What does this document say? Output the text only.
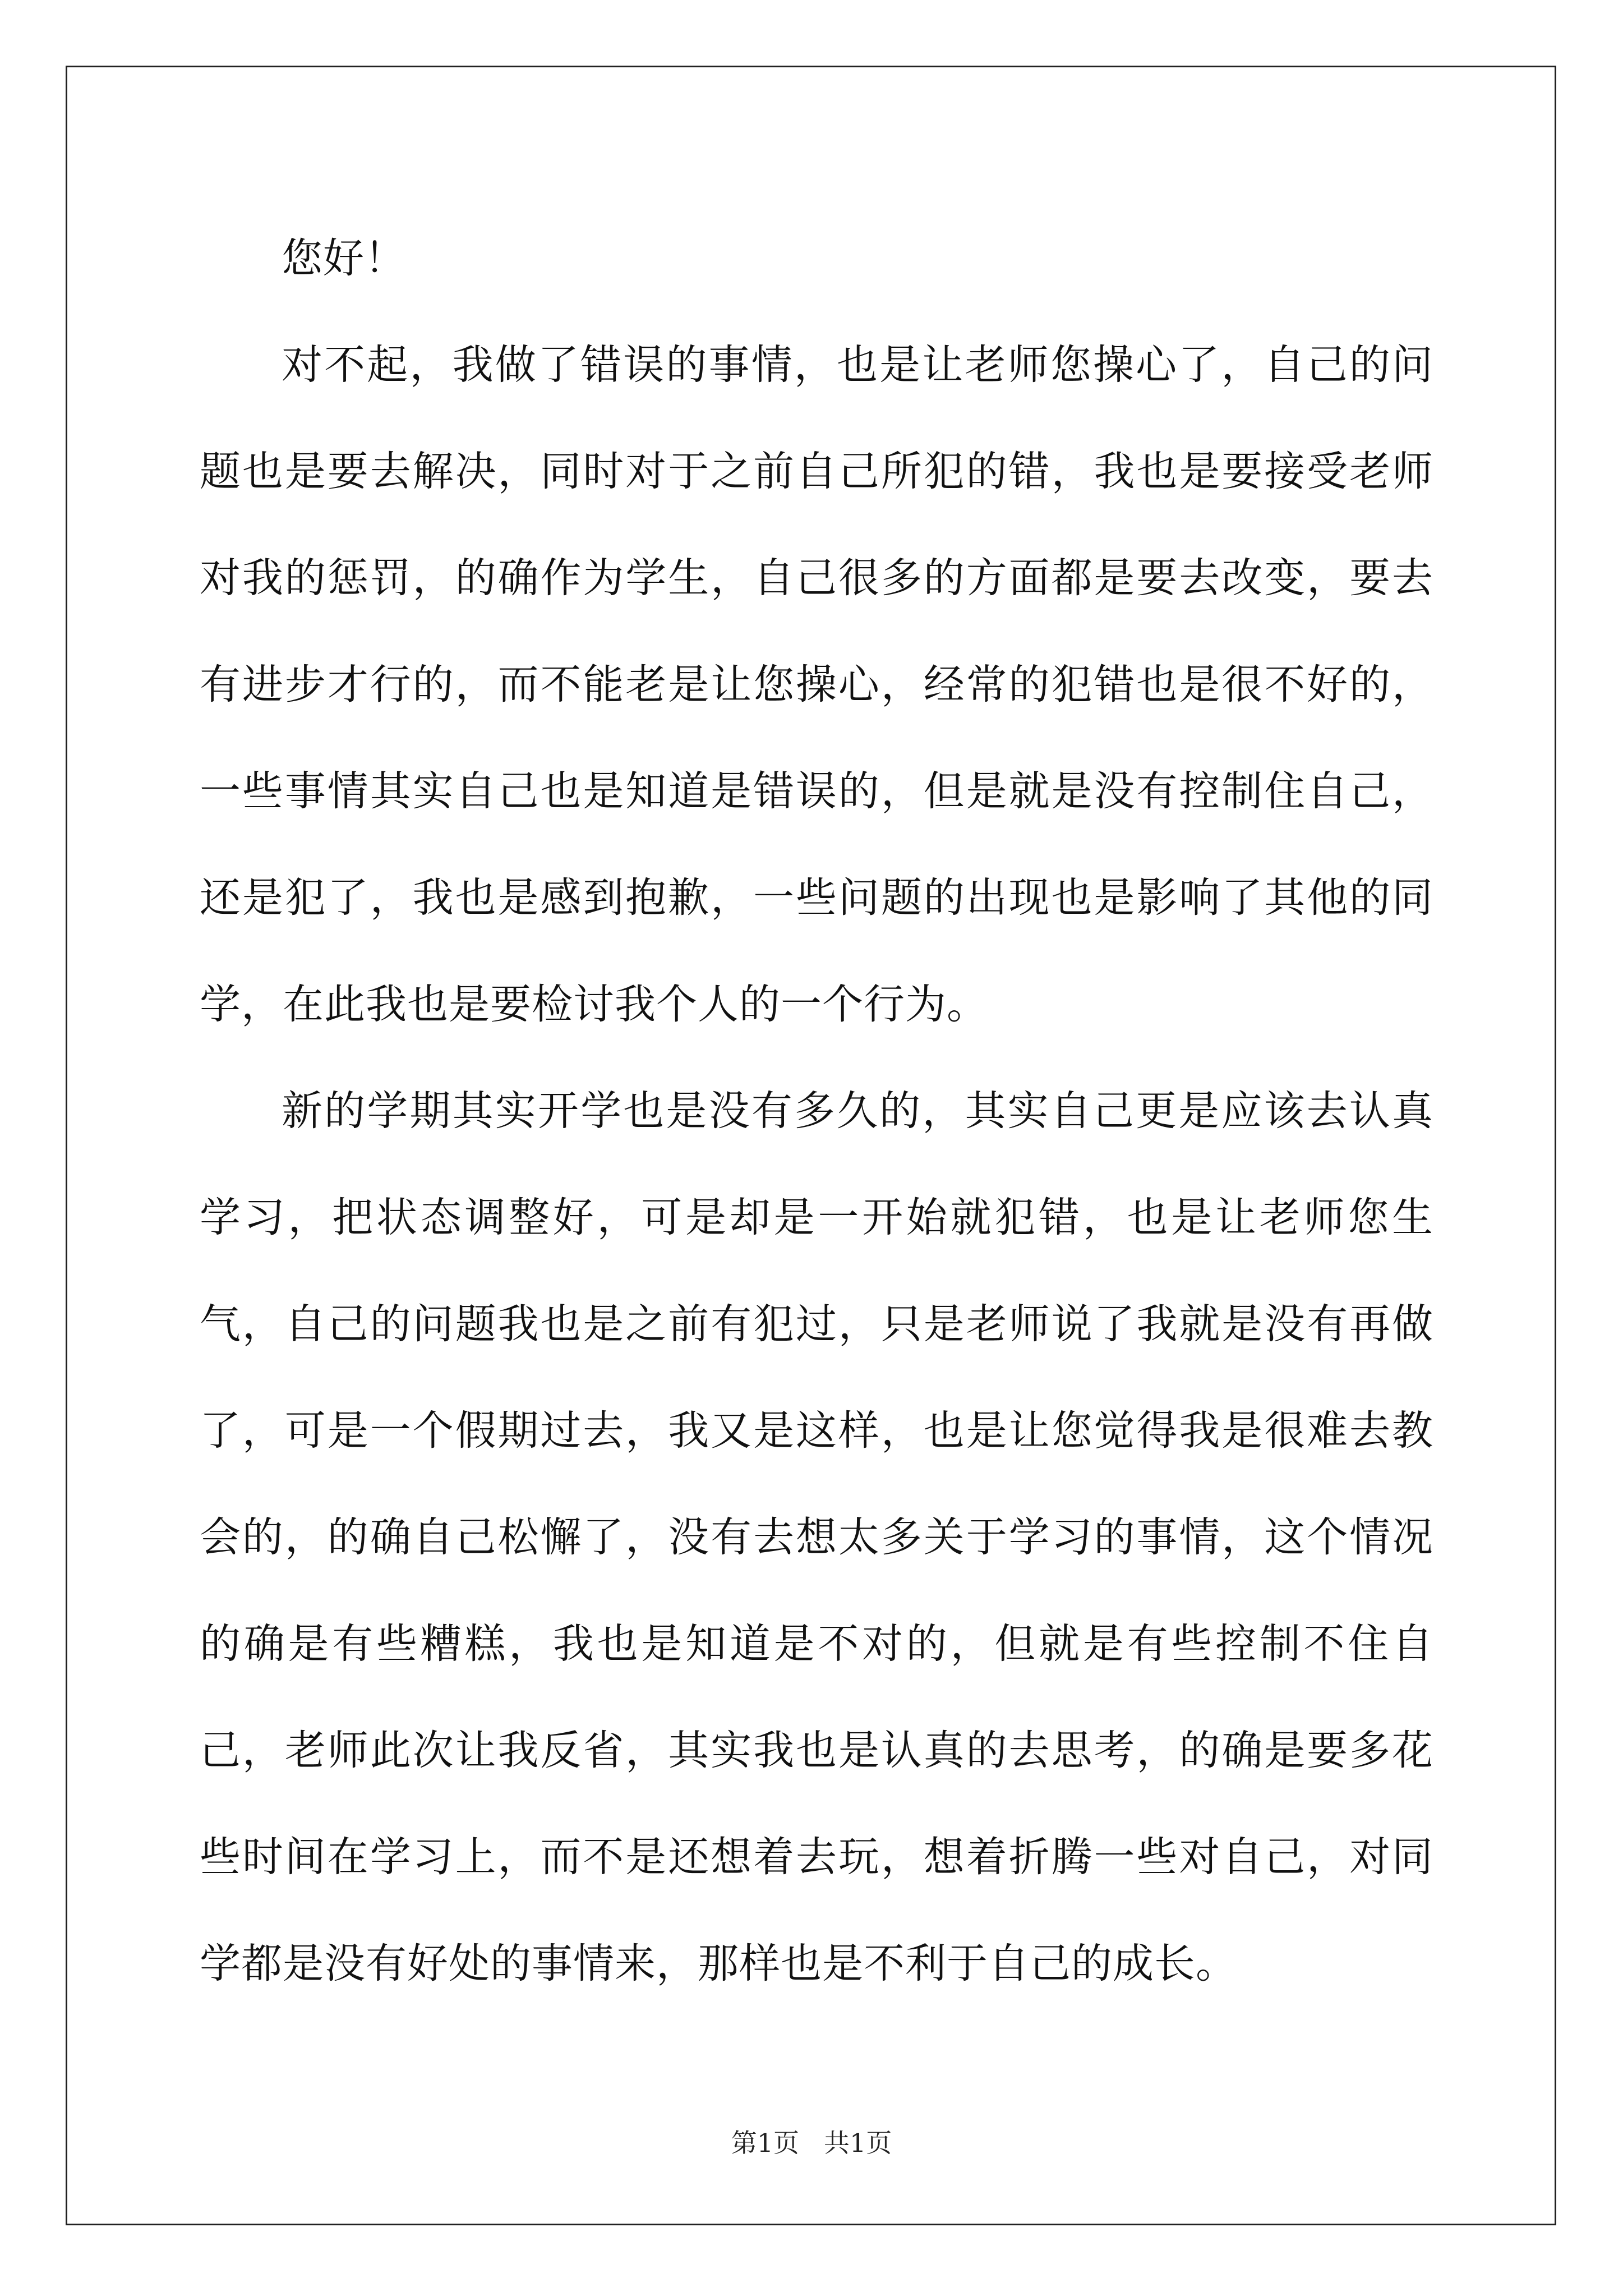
您好！

对不起，我做了错误的事情，也是让老师您操心了，自己的问题也是要去解决，同时对于之前自己所犯的错，我也是要接受老师对我的惩罚，的确作为学生，自己很多的方面都是要去改变，要去有进步才行的，而不能老是让您操心，经常的犯错也是很不好的，一些事情其实自己也是知道是错误的，但是就是没有控制住自己，还是犯了，我也是感到抱歉，一些问题的出现也是影响了其他的同学，在此我也是要检讨我个人的一个行为。

新的学期其实开学也是没有多久的，其实自己更是应该去认真学习，把状态调整好，可是却是一开始就犯错，也是让老师您生气，自己的问题我也是之前有犯过，只是老师说了我就是没有再做了，可是一个假期过去，我又是这样，也是让您觉得我是很难去教会的，的确自己松懈了，没有去想太多关于学习的事情，这个情况的确是有些糟糕，我也是知道是不对的，但就是有些控制不住自己，老师此次让我反省，其实我也是认真的去思考，的确是要多花些时间在学习上，而不是还想着去玩，想着折腾一些对自己，对同学都是没有好处的事情来，那样也是不利于自己的成长。

第1页 共1页
